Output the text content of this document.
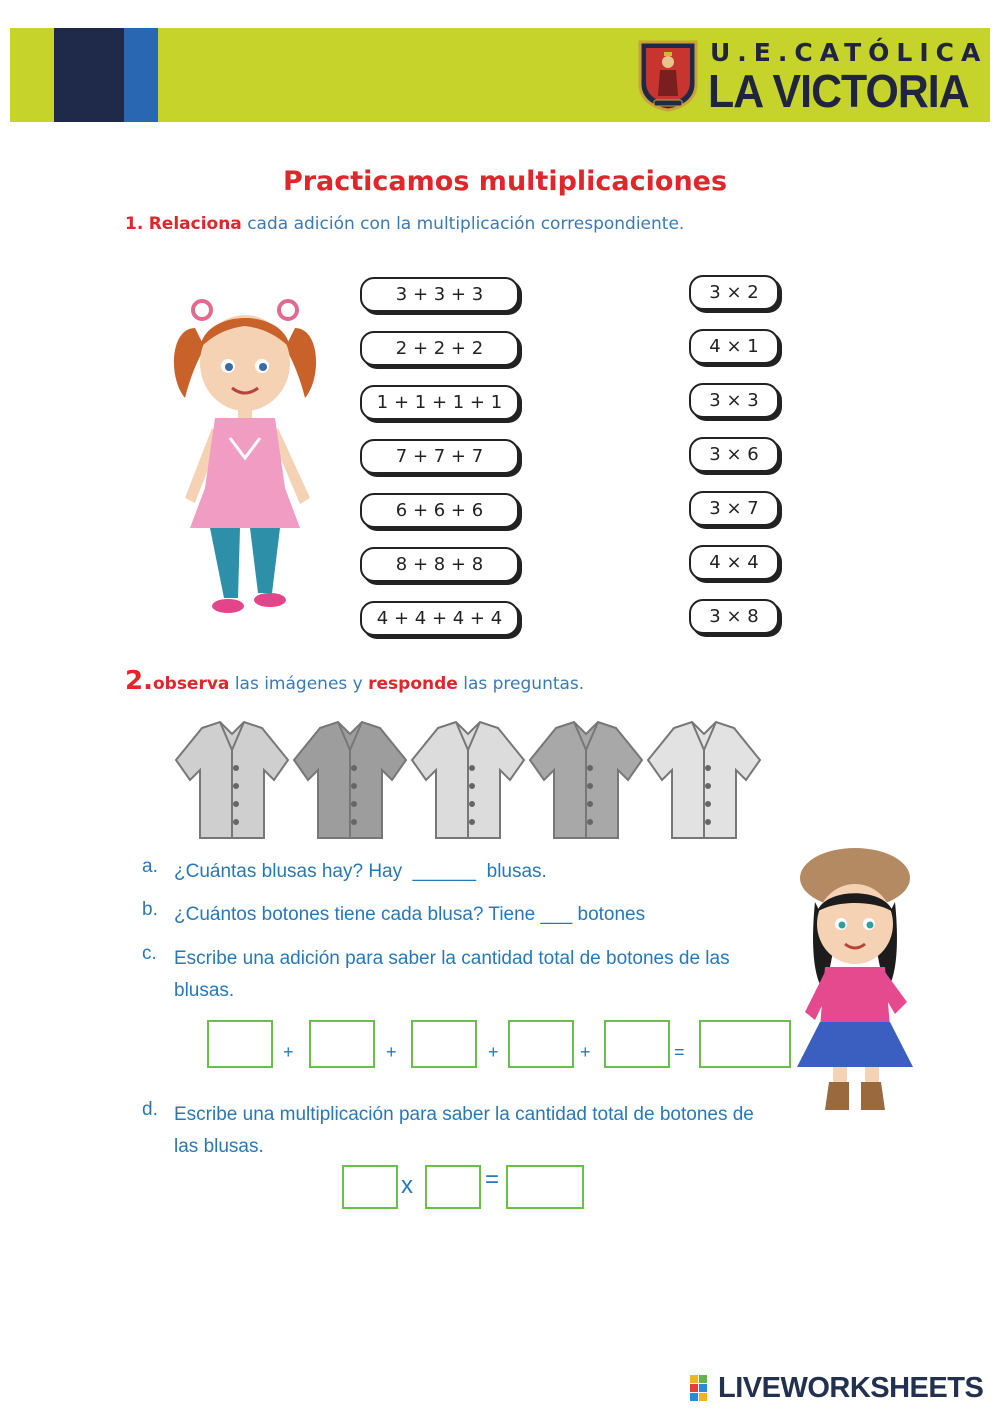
U.E.CATÓLICA
LA VICTORIA
Practicamos multiplicaciones
1. Relaciona cada adición con la multiplicación correspondiente.
3 + 3 + 3
2 + 2 + 2
1 + 1 + 1 + 1
7 + 7 + 7
6 + 6 + 6
8 + 8 + 8
4 + 4 + 4 + 4
3 × 2
4 × 1
3 × 3
3 × 6
3 × 7
4 × 4
3 × 8
2.observa las imágenes y responde las preguntas.
a. ¿Cuántas blusas hay? Hay  ______  blusas.
b. ¿Cuántos botones tiene cada blusa? Tiene ___ botones
c. Escribe una adición para saber la cantidad total de botones de las blusas.
+	+	+	+	=
d. Escribe una multiplicación para saber la cantidad total de botones de las blusas.
x	=
LIVEWORKSHEETS
